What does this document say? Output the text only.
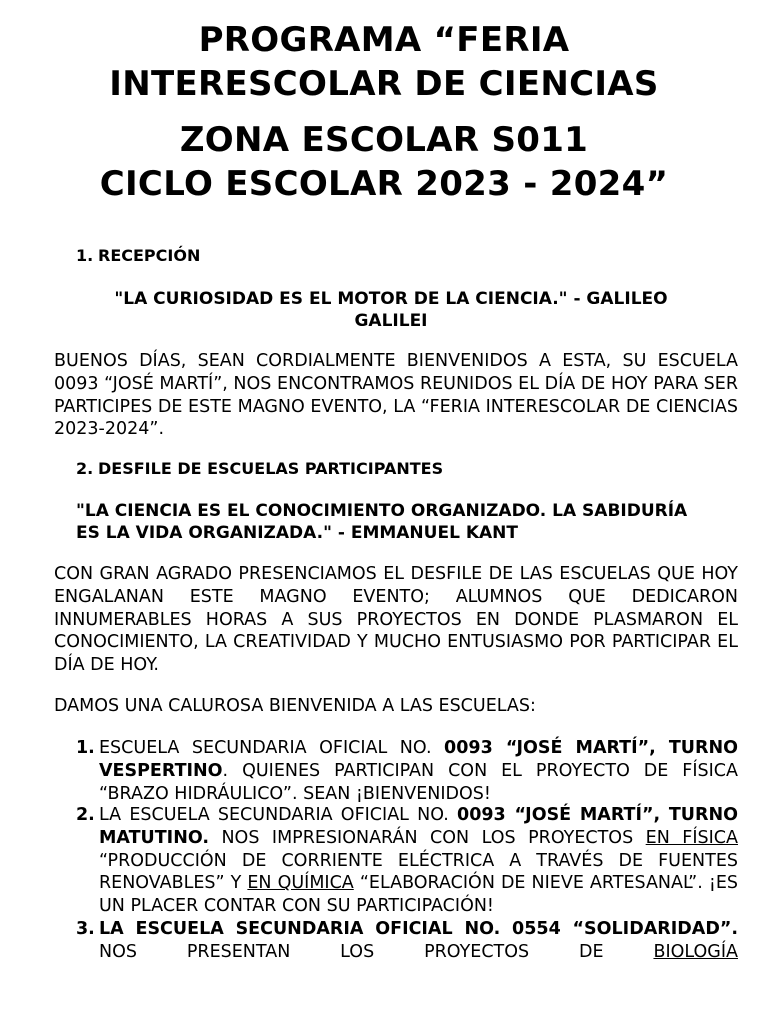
PROGRAMA “FERIA

INTERESCOLAR DE CIENCIAS

ZONA ESCOLAR S011

CICLO ESCOLAR 2023 - 2024”

1. RECEPCIÓN
"LA CURIOSIDAD ES EL MOTOR DE LA CIENCIA." - GALILEO GALILEI
BUENOS DÍAS, SEAN CORDIALMENTE BIENVENIDOS A ESTA, SU ESCUELA 0093 “JOSÉ MARTÍ”, NOS ENCONTRAMOS REUNIDOS EL DÍA DE HOY PARA SER PARTICIPES DE ESTE MAGNO EVENTO, LA “FERIA INTERESCOLAR DE CIENCIAS 2023-2024”.
2. DESFILE DE ESCUELAS PARTICIPANTES
"LA CIENCIA ES EL CONOCIMIENTO ORGANIZADO. LA SABIDURÍA ES LA VIDA ORGANIZADA." - EMMANUEL KANT
CON GRAN AGRADO PRESENCIAMOS EL DESFILE DE LAS ESCUELAS QUE HOY ENGALANAN ESTE MAGNO EVENTO; ALUMNOS QUE DEDICARON INNUMERABLES HORAS A SUS PROYECTOS EN DONDE PLASMARON EL CONOCIMIENTO, LA CREATIVIDAD Y MUCHO ENTUSIASMO POR PARTICIPAR EL DÍA DE HOY.
DAMOS UNA CALUROSA BIENVENIDA A LAS ESCUELAS:
1. ESCUELA SECUNDARIA OFICIAL NO. 0093 “JOSÉ MARTÍ”, TURNO VESPERTINO. QUIENES PARTICIPAN CON EL PROYECTO DE FÍSICA “BRAZO HIDRÁULICO”. SEAN ¡BIENVENIDOS!
2. LA ESCUELA SECUNDARIA OFICIAL NO. 0093 “JOSÉ MARTÍ”, TURNO MATUTINO. NOS IMPRESIONARÁN CON LOS PROYECTOS EN FÍSICA “PRODUCCIÓN DE CORRIENTE ELÉCTRICA A TRAVÉS DE FUENTES RENOVABLES” Y EN QUÍMICA “ELABORACIÓN DE NIEVE ARTESANAL”. ¡ES UN PLACER CONTAR CON SU PARTICIPACIÓN!
3. LA ESCUELA SECUNDARIA OFICIAL NO. 0554 “SOLIDARIDAD”. NOS PRESENTAN LOS PROYECTOS DE BIOLOGÍA
